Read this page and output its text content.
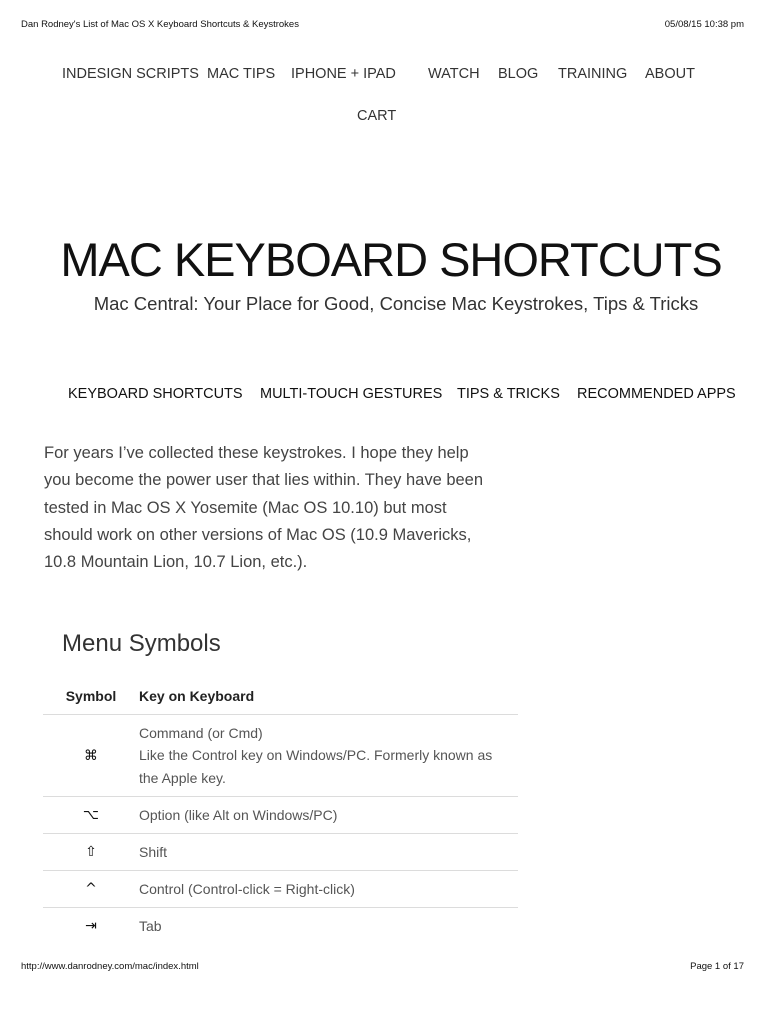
Dan Rodney's List of Mac OS X Keyboard Shortcuts & Keystrokes	05/08/15 10:38 pm
INDESIGN SCRIPTS MAC TIPS IPHONE + IPAD WATCH BLOG TRAINING ABOUT
CART
MAC KEYBOARD SHORTCUTS
Mac Central: Your Place for Good, Concise Mac Keystrokes, Tips & Tricks
KEYBOARD SHORTCUTS MULTI-TOUCH GESTURES TIPS & TRICKS RECOMMENDED APPS
For years I’ve collected these keystrokes. I hope they help
you become the power user that lies within. They have been
tested in Mac OS X Yosemite (Mac OS 10.10) but most
should work on other versions of Mac OS (10.9 Mavericks,
10.8 Mountain Lion, 10.7 Lion, etc.).
Menu Symbols
Symbol	Key on Keyboard
⌘	Command (or Cmd)
Like the Control key on Windows/PC. Formerly known as
the Apple key.

⌥	Option (like Alt on Windows/PC)
⇧	Shift
^	Control (Control-click = Right-click)
⇥	Tab
http://www.danrodney.com/mac/index.html	Page 1 of 17
